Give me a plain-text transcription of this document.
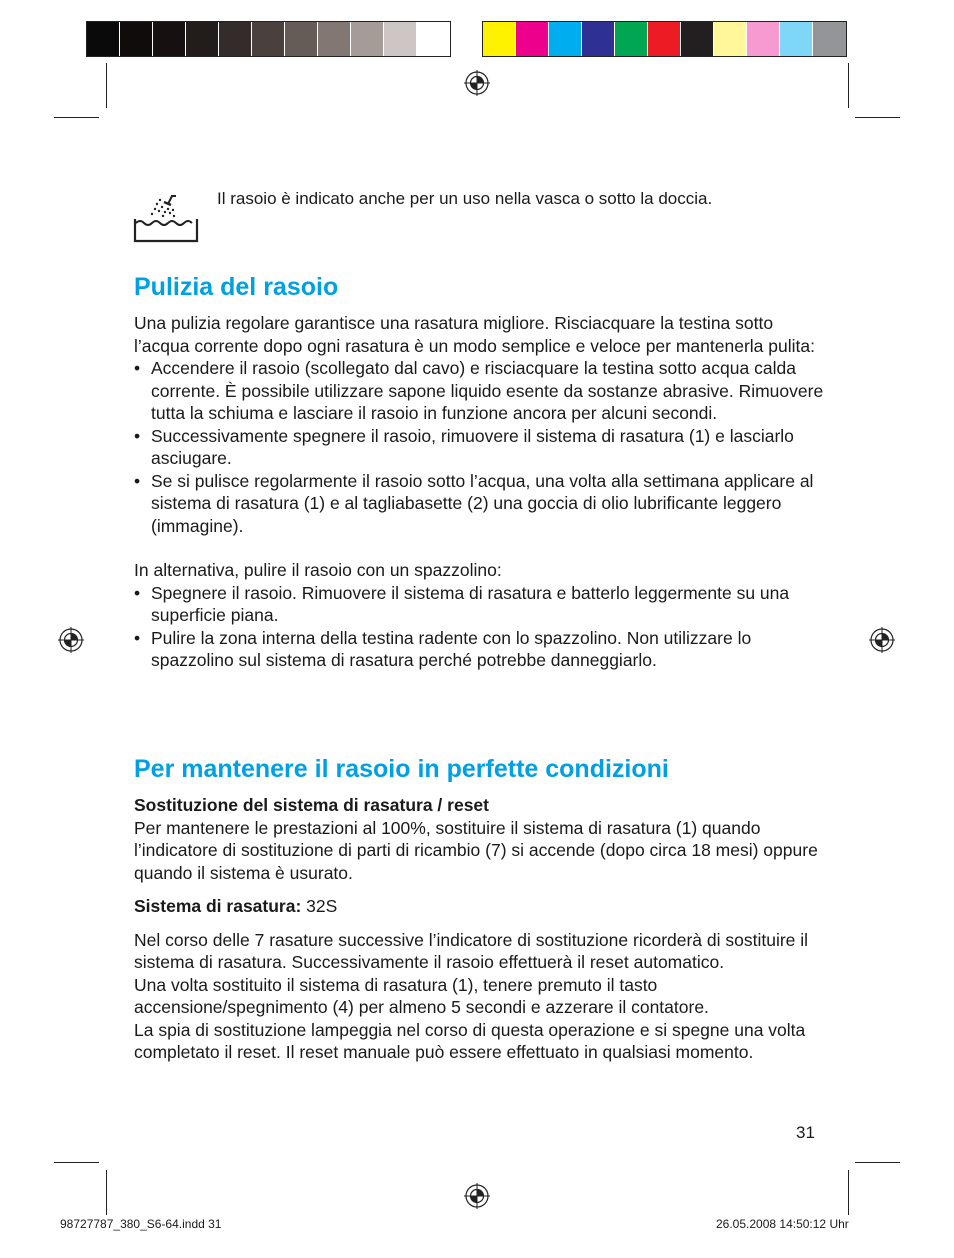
Il rasoio è indicato anche per un uso nella vasca o sotto la doccia.
Pulizia del rasoio

Una pulizia regolare garantisce una rasatura migliore. Risciacquare la testina sotto l’acqua corrente dopo ogni rasatura è un modo semplice e veloce per mantenerla pulita:

• Accendere il rasoio (scollegato dal cavo) e risciacquare la testina sotto acqua calda corrente. È possibile utilizzare sapone liquido esente da sostanze abrasive. Rimuovere tutta la schiuma e lasciare il rasoio in funzione ancora per alcuni secondi.
• Successivamente spegnere il rasoio, rimuovere il sistema di rasatura (1) e lasciarlo asciugare.
• Se si pulisce regolarmente il rasoio sotto l’acqua, una volta alla settimana applicare al sistema di rasatura (1) e al tagliabasette (2) una goccia di olio lubrificante leggero (immagine).

In alternativa, pulire il rasoio con un spazzolino:

• Spegnere il rasoio. Rimuovere il sistema di rasatura e batterlo leggermente su una superficie piana.
• Pulire la zona interna della testina radente con lo spazzolino. Non utilizzare lo spazzolino sul sistema di rasatura perché potrebbe danneggiarlo.
Per mantenere il rasoio in perfette condizioni

Sostituzione del sistema di rasatura / reset

Per mantenere le prestazioni al 100%, sostituire il sistema di rasatura (1) quando l’indicatore di sostituzione di parti di ricambio (7) si accende (dopo circa 18 mesi) oppure quando il sistema è usurato.

Sistema di rasatura: 32S

Nel corso delle 7 rasature successive l’indicatore di sostituzione ricorderà di sostituire il sistema di rasatura. Successivamente il rasoio effettuerà il reset automatico.

Una volta sostituito il sistema di rasatura (1), tenere premuto il tasto accensione/spegnimento (4) per almeno 5 secondi e azzerare il contatore.

La spia di sostituzione lampeggia nel corso di questa operazione e si spegne una volta completato il reset. Il reset manuale può essere effettuato in qualsiasi momento.

31
98727787_380_S6-64.indd 31	26.05.2008 14:50:12 Uhr
